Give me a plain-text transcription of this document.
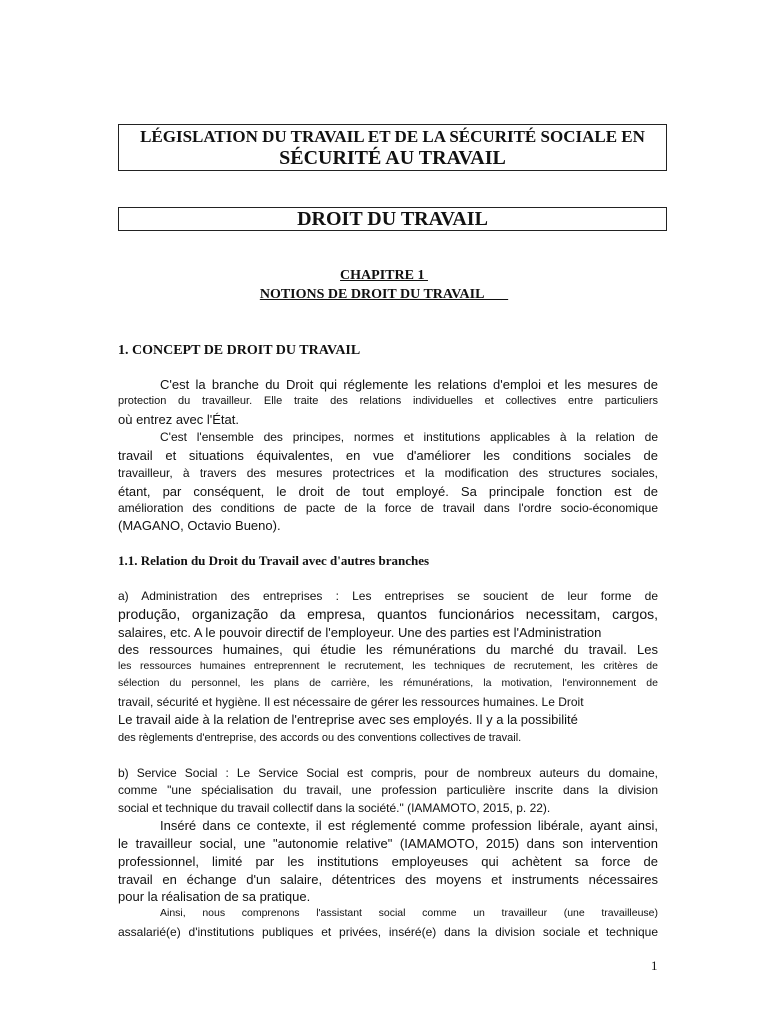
LÉGISLATION DU TRAVAIL ET DE LA SÉCURITÉ SOCIALE EN
SÉCURITÉ AU TRAVAIL
DROIT DU TRAVAIL
CHAPITRE 1
NOTIONS DE DROIT DU TRAVAIL
1. CONCEPT DE DROIT DU TRAVAIL
C'est la branche du Droit qui réglemente les relations d'emploi et les mesures de
protection du travailleur. Elle traite des relations individuelles et collectives entre particuliers
où entrez avec l'État.
C'est l'ensemble des principes, normes et institutions applicables à la relation de
travail et situations équivalentes, en vue d'améliorer les conditions sociales de
travailleur, à travers des mesures protectrices et la modification des structures sociales,
étant, par conséquent, le droit de tout employé. Sa principale fonction est de
amélioration des conditions de pacte de la force de travail dans l'ordre socio-économique
(MAGANO, Octavio Bueno).
1.1. Relation du Droit du Travail avec d'autres branches
a) Administration des entreprises : Les entreprises se soucient de leur forme de
produção, organização da empresa, quantos funcionários necessitam, cargos,
salaires, etc. A le pouvoir directif de l'employeur. Une des parties est l'Administration
des ressources humaines, qui étudie les rémunérations du marché du travail. Les
les ressources humaines entreprennent le recrutement, les techniques de recrutement, les critères de
sélection du personnel, les plans de carrière, les rémunérations, la motivation, l'environnement de
travail, sécurité et hygiène. Il est nécessaire de gérer les ressources humaines. Le Droit
Le travail aide à la relation de l'entreprise avec ses employés. Il y a la possibilité
des règlements d'entreprise, des accords ou des conventions collectives de travail.
b) Service Social : Le Service Social est compris, pour de nombreux auteurs du domaine,
comme "une spécialisation du travail, une profession particulière inscrite dans la division
social et technique du travail collectif dans la société." (IAMAMOTO, 2015, p. 22).
Inséré dans ce contexte, il est réglementé comme profession libérale, ayant ainsi,
le travailleur social, une "autonomie relative" (IAMAMOTO, 2015) dans son intervention
professionnel, limité par les institutions employeuses qui achètent sa force de
travail en échange d'un salaire, détentrices des moyens et instruments nécessaires
pour la réalisation de sa pratique.
Ainsi, nous comprenons l'assistant social comme un travailleur (une travailleuse)
assalarié(e) d'institutions publiques et privées, inséré(e) dans la division sociale et technique
1
